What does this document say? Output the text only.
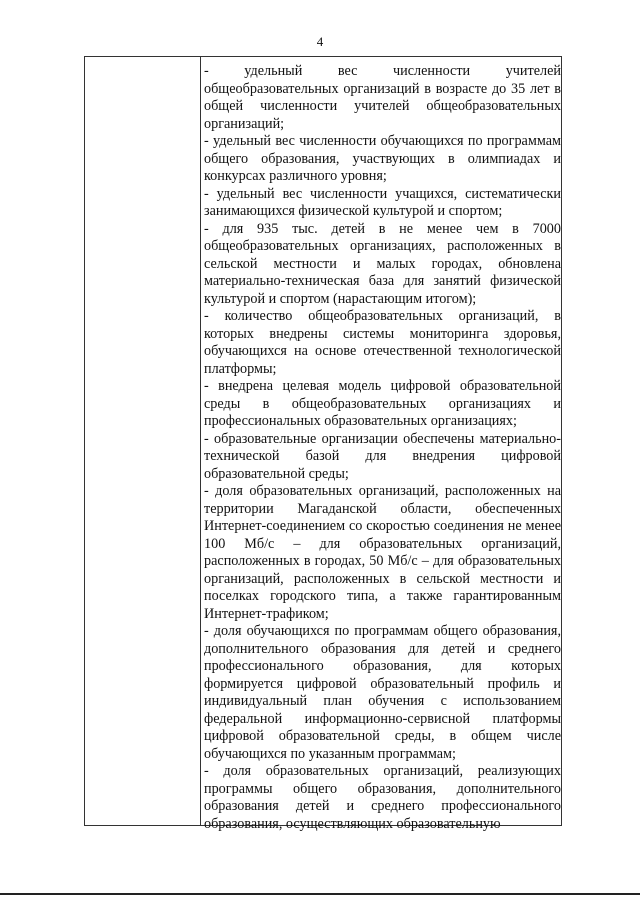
4

- удельный вес численности учителей общеобразовательных организаций в возрасте до 35 лет в общей численности учителей общеобразовательных организаций;

- удельный вес численности обучающихся по программам общего образования, участвующих в олимпиадах и конкурсах различного уровня;

- удельный вес численности учащихся, систематически занимающихся физической культурой и спортом;

- для 935 тыс. детей в не менее чем в 7000 общеобразовательных организациях, расположенных в сельской местности и малых городах, обновлена материально-техническая база для занятий физической культурой и спортом (нарастающим итогом);

- количество общеобразовательных организаций, в которых внедрены системы мониторинга здоровья, обучающихся на основе отечественной технологической платформы;

- внедрена целевая модель цифровой образовательной среды в общеобразовательных организациях и профессиональных образовательных организациях;

- образовательные организации обеспечены материально-технической базой для внедрения цифровой образовательной среды;

- доля образовательных организаций, расположенных на территории Магаданской области, обеспеченных Интернет-соединением со скоростью соединения не менее 100 Мб/с – для образовательных организаций, расположенных в городах, 50 Мб/с – для образовательных организаций, расположенных в сельской местности и поселках городского типа, а также гарантированным Интернет-трафиком;

- доля обучающихся по программам общего образования, дополнительного образования для детей и среднего профессионального образования, для которых формируется цифровой образовательный профиль и индивидуальный план обучения с использованием федеральной информационно-сервисной платформы цифровой образовательной среды, в общем числе обучающихся по указанным программам;

- доля образовательных организаций, реализующих программы общего образования, дополнительного образования детей и среднего профессионального образования, осуществляющих образовательную
